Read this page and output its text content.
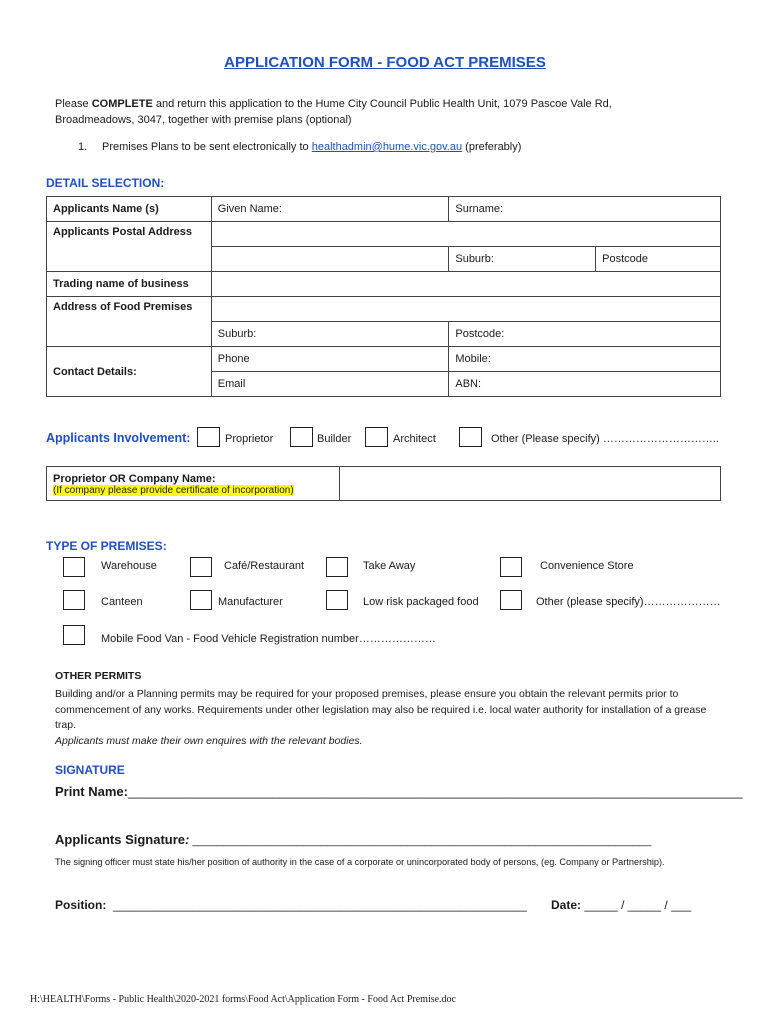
APPLICATION FORM - FOOD ACT PREMISES
Please COMPLETE and return this application to the Hume City Council Public Health Unit, 1079 Pascoe Vale Rd, Broadmeadows, 3047, together with premise plans (optional)
1. Premises Plans to be sent electronically to healthadmin@hume.vic.gov.au (preferably)
DETAIL SELECTION:
Applicants Name (s)	Given Name:	Surname:	
Applicants Postal Address			
		Suburb:	Postcode
Trading name of business			
Address of Food Premises			
	Suburb:	Postcode:	
Contact Details:	Phone	Mobile:	
	Email	ABN:	
Applicants Involvement:	Proprietor	Builder	Architect	Other (Please specify) …………………………..
Proprietor OR Company Name:
(If company please provide certificate of incorporation)

TYPE OF PREMISES:
Warehouse	Café/Restaurant	Take Away	Convenience Store
Canteen	Manufacturer	Low risk packaged food	Other (please specify)…………………
Mobile Food Van - Food Vehicle Registration number…………………
OTHER PERMITS
Building and/or a Planning permits may be required for your proposed premises, please ensure you obtain the relevant permits prior to commencement of any works. Requirements under other legislation may also be required i.e. local water authority for installation of a grease trap.
Applicants must make their own enquires with the relevant bodies.
SIGNATURE
Print Name:_____________________________________________________________________________________
Applicants Signature: ___________________________________________________________________________
The signing officer must state his/her position of authority in the case of a corporate or unincorporated body of persons, (eg. Company or Partnership).
Position: ______________________________________________________________ Date: _____ / _____ / ___
H:\HEALTH\Forms - Public Health\2020-2021 forms\Food Act\Application Form - Food Act Premise.doc
